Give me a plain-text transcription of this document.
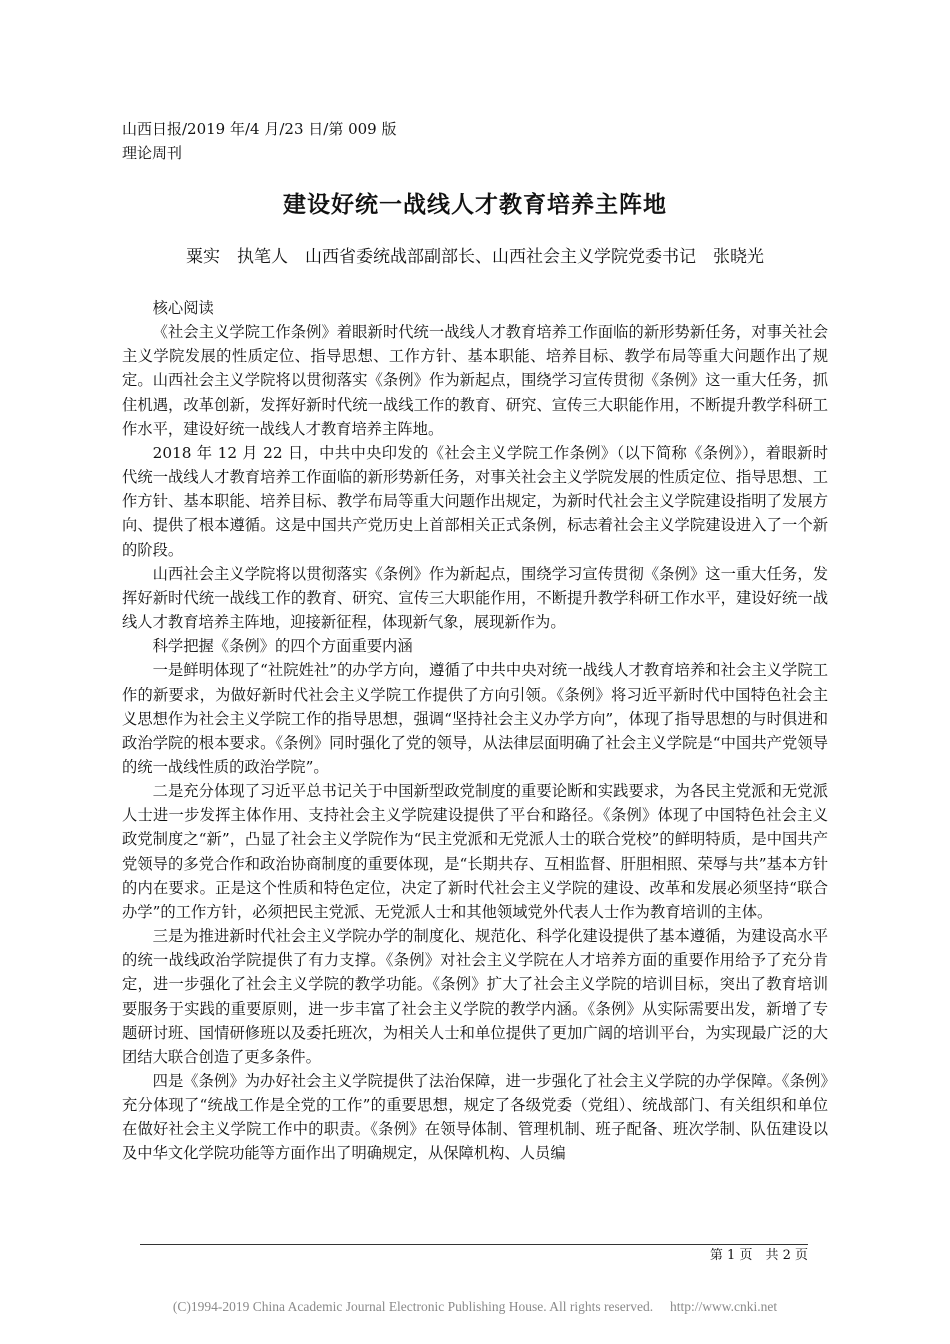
山西日报/2019 年/4 月/23 日/第 009 版
理论周刊
建设好统一战线人才教育培养主阵地
粟实　执笔人　山西省委统战部副部长、山西社会主义学院党委书记　张晓光

核心阅读

《社会主义学院工作条例》着眼新时代统一战线人才教育培养工作面临的新形势新任务，对事关社会主义学院发展的性质定位、指导思想、工作方针、基本职能、培养目标、教学布局等重大问题作出了规定。山西社会主义学院将以贯彻落实《条例》作为新起点，围绕学习宣传贯彻《条例》这一重大任务，抓住机遇，改革创新，发挥好新时代统一战线工作的教育、研究、宣传三大职能作用，不断提升教学科研工作水平，建设好统一战线人才教育培养主阵地。

2018 年 12 月 22 日，中共中央印发的《社会主义学院工作条例》（以下简称《条例》），着眼新时代统一战线人才教育培养工作面临的新形势新任务，对事关社会主义学院发展的性质定位、指导思想、工作方针、基本职能、培养目标、教学布局等重大问题作出规定，为新时代社会主义学院建设指明了发展方向、提供了根本遵循。这是中国共产党历史上首部相关正式条例，标志着社会主义学院建设进入了一个新的阶段。

山西社会主义学院将以贯彻落实《条例》作为新起点，围绕学习宣传贯彻《条例》这一重大任务，发挥好新时代统一战线工作的教育、研究、宣传三大职能作用，不断提升教学科研工作水平，建设好统一战线人才教育培养主阵地，迎接新征程，体现新气象，展现新作为。

科学把握《条例》的四个方面重要内涵

一是鲜明体现了“社院姓社”的办学方向，遵循了中共中央对统一战线人才教育培养和社会主义学院工作的新要求，为做好新时代社会主义学院工作提供了方向引领。《条例》将习近平新时代中国特色社会主义思想作为社会主义学院工作的指导思想，强调“坚持社会主义办学方向”，体现了指导思想的与时俱进和政治学院的根本要求。《条例》同时强化了党的领导，从法律层面明确了社会主义学院是“中国共产党领导的统一战线性质的政治学院”。

二是充分体现了习近平总书记关于中国新型政党制度的重要论断和实践要求，为各民主党派和无党派人士进一步发挥主体作用、支持社会主义学院建设提供了平台和路径。《条例》体现了中国特色社会主义政党制度之“新”，凸显了社会主义学院作为“民主党派和无党派人士的联合党校”的鲜明特质，是中国共产党领导的多党合作和政治协商制度的重要体现，是“长期共存、互相监督、肝胆相照、荣辱与共”基本方针的内在要求。正是这个性质和特色定位，决定了新时代社会主义学院的建设、改革和发展必须坚持“联合办学”的工作方针，必须把民主党派、无党派人士和其他领域党外代表人士作为教育培训的主体。

三是为推进新时代社会主义学院办学的制度化、规范化、科学化建设提供了基本遵循，为建设高水平的统一战线政治学院提供了有力支撑。《条例》对社会主义学院在人才培养方面的重要作用给予了充分肯定，进一步强化了社会主义学院的教学功能。《条例》扩大了社会主义学院的培训目标，突出了教育培训要服务于实践的重要原则，进一步丰富了社会主义学院的教学内涵。《条例》从实际需要出发，新增了专题研讨班、国情研修班以及委托班次，为相关人士和单位提供了更加广阔的培训平台，为实现最广泛的大团结大联合创造了更多条件。

四是《条例》为办好社会主义学院提供了法治保障，进一步强化了社会主义学院的办学保障。《条例》充分体现了“统战工作是全党的工作”的重要思想，规定了各级党委（党组）、统战部门、有关组织和单位在做好社会主义学院工作中的职责。《条例》在领导体制、管理机制、班子配备、班次学制、队伍建设以及中华文化学院功能等方面作出了明确规定，从保障机构、人员编

第 1 页　共 2 页
(C)1994-2019 China Academic Journal Electronic Publishing House. All rights reserved.　 http://www.cnki.net
